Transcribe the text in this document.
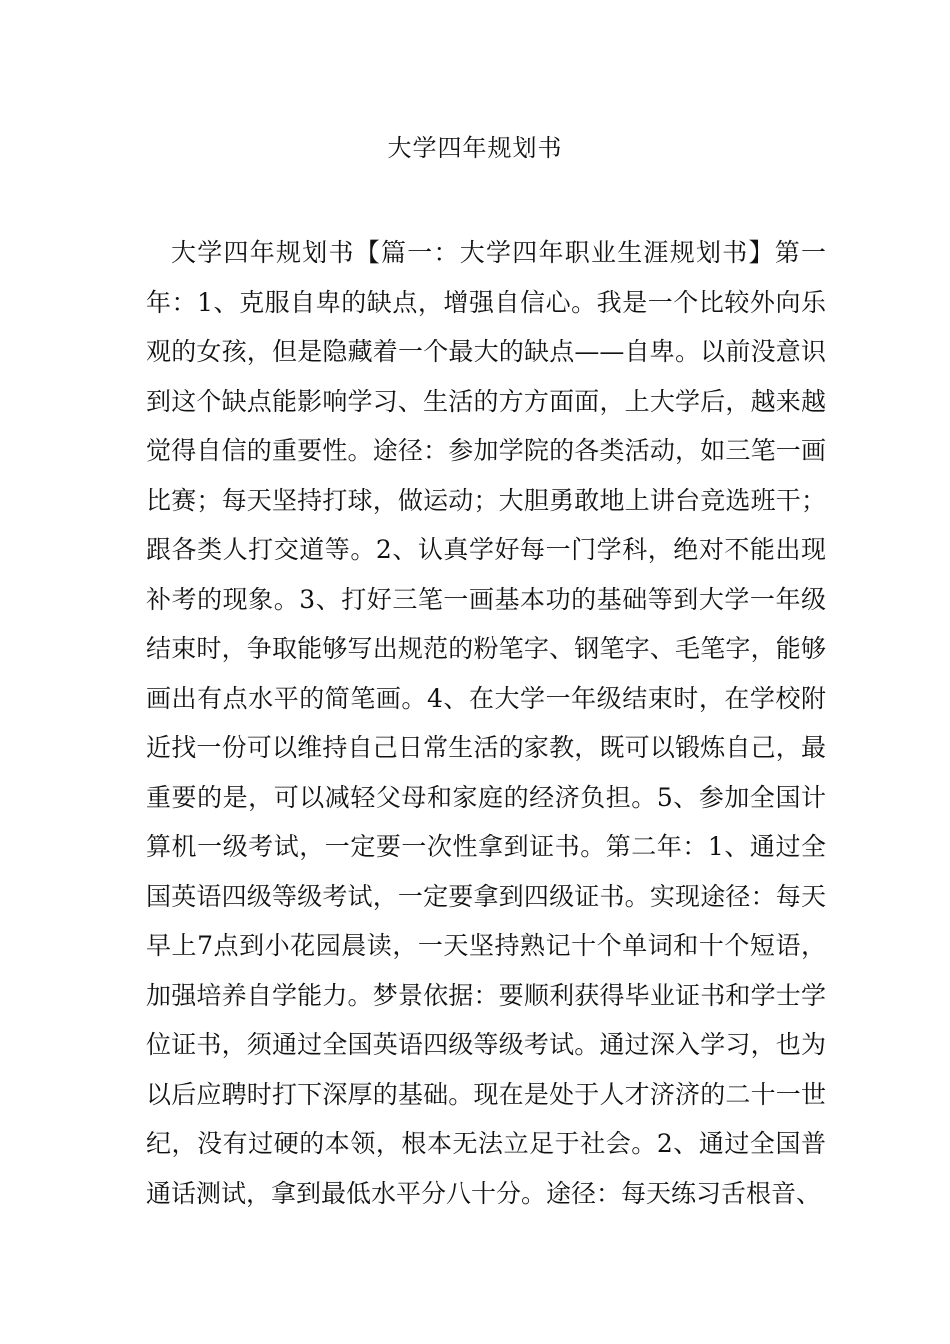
大学四年规划书

大学四年规划书【篇一：大学四年职业生涯规划书】第一年：1、克服自卑的缺点，增强自信心。我是一个比较外向乐观的女孩，但是隐藏着一个最大的缺点——自卑。以前没意识到这个缺点能影响学习、生活的方方面面，上大学后，越来越觉得自信的重要性。途径：参加学院的各类活动，如三笔一画比赛；每天坚持打球，做运动；大胆勇敢地上讲台竞选班干；跟各类人打交道等。2、认真学好每一门学科，绝对不能出现补考的现象。3、打好三笔一画基本功的基础等到大学一年级结束时，争取能够写出规范的粉笔字、钢笔字、毛笔字，能够画出有点水平的简笔画。4、在大学一年级结束时，在学校附近找一份可以维持自己日常生活的家教，既可以锻炼自己，最重要的是，可以减轻父母和家庭的经济负担。5、参加全国计算机一级考试，一定要一次性拿到证书。第二年：1、通过全国英语四级等级考试，一定要拿到四级证书。实现途径：每天早上7点到小花园晨读，一天坚持熟记十个单词和十个短语，加强培养自学能力。梦景依据：要顺利获得毕业证书和学士学位证书，须通过全国英语四级等级考试。通过深入学习，也为以后应聘时打下深厚的基础。现在是处于人才济济的二十一世纪，没有过硬的本领，根本无法立足于社会。2、通过全国普通话测试，拿到最低水平分八十分。途径：每天练习舌根音、
